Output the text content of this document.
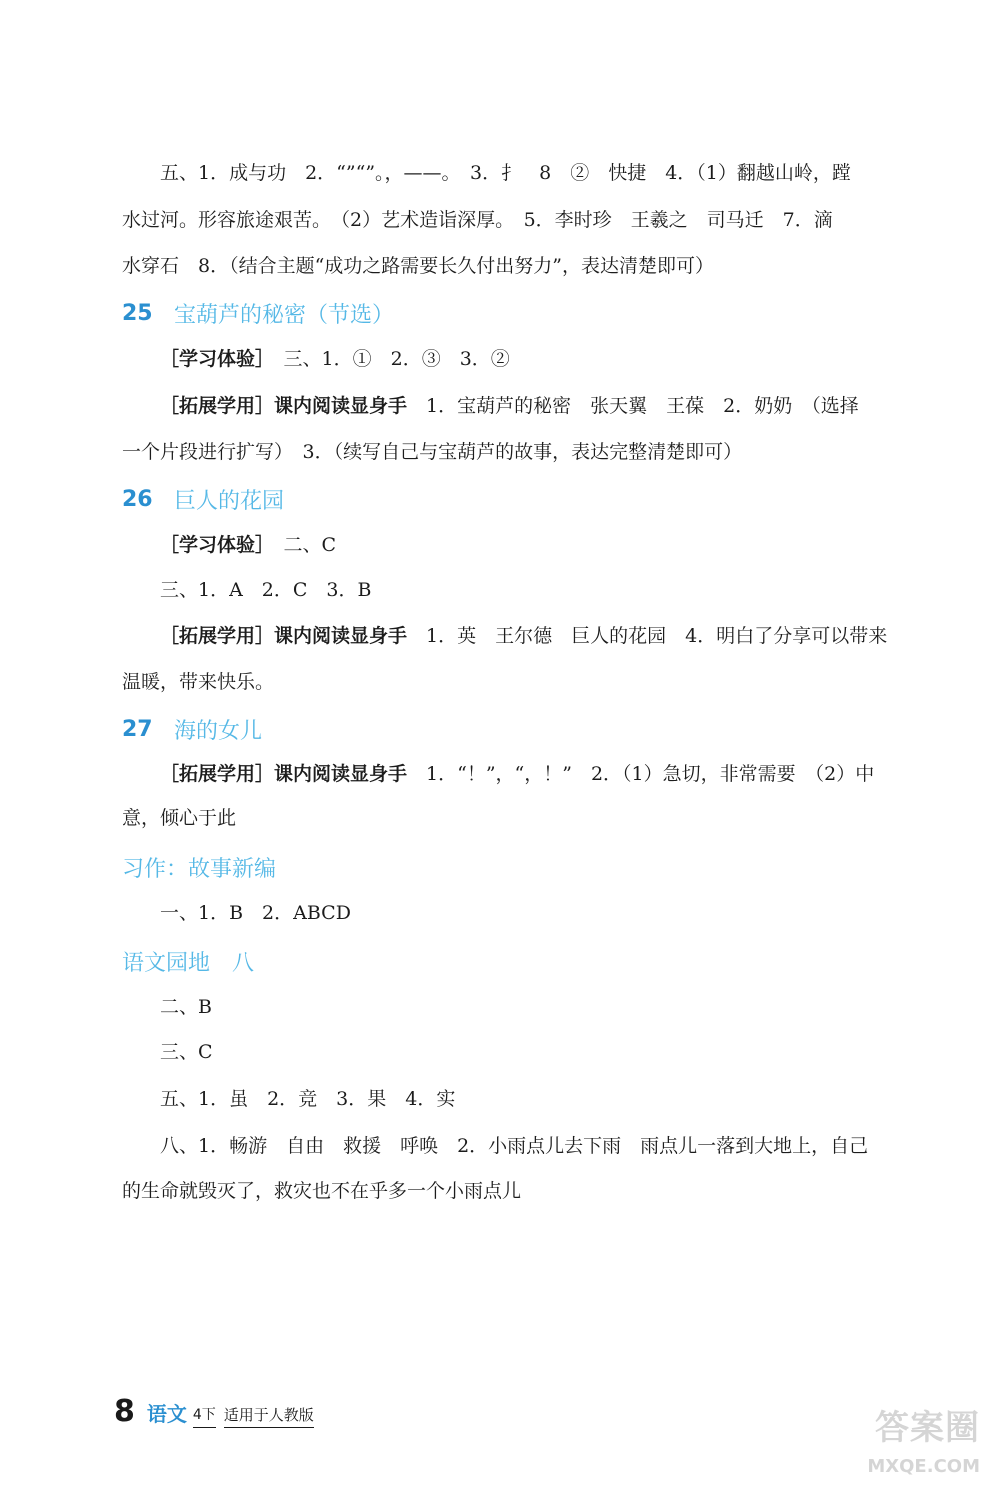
五、1．成与功　2．“”“”。，——。　3．扌　8　②　快捷　4．（1）翻越山岭，蹚
水过河。形容旅途艰苦。　（2）艺术造诣深厚。　5．李时珍　王羲之　司马迁　7．滴
水穿石　8．（结合主题“成功之路需要长久付出努力”，表达清楚即可）
25 宝葫芦的秘密（节选）
［学习体验］　三、1．①　2．③　3．②
［拓展学用］课内阅读显身手　1．宝葫芦的秘密　张天翼　王葆　2．奶奶　（选择
一个片段进行扩写）　3．（续写自己与宝葫芦的故事，表达完整清楚即可）
26 巨人的花园
［学习体验］　二、C
三、1．A　2．C　3．B
［拓展学用］课内阅读显身手　1．英　王尔德　巨人的花园　4．明白了分享可以带来
温暖，带来快乐。
27 海的女儿
［拓展学用］课内阅读显身手　1．“！”，“，！”　2．（1）急切，非常需要　（2）中
意，倾心于此
习作：故事新编
一、1．B　2．ABCD
语文园地　八
二、B
三、C
五、1．虽　2．竞　3．果　4．实
八、1．畅游　自由　救援　呼唤　2．小雨点儿去下雨　雨点儿一落到大地上，自己
的生命就毁灭了，救灾也不在乎多一个小雨点儿
8 语文 4下 适用于人教版	答案圈
MXQE.COM
